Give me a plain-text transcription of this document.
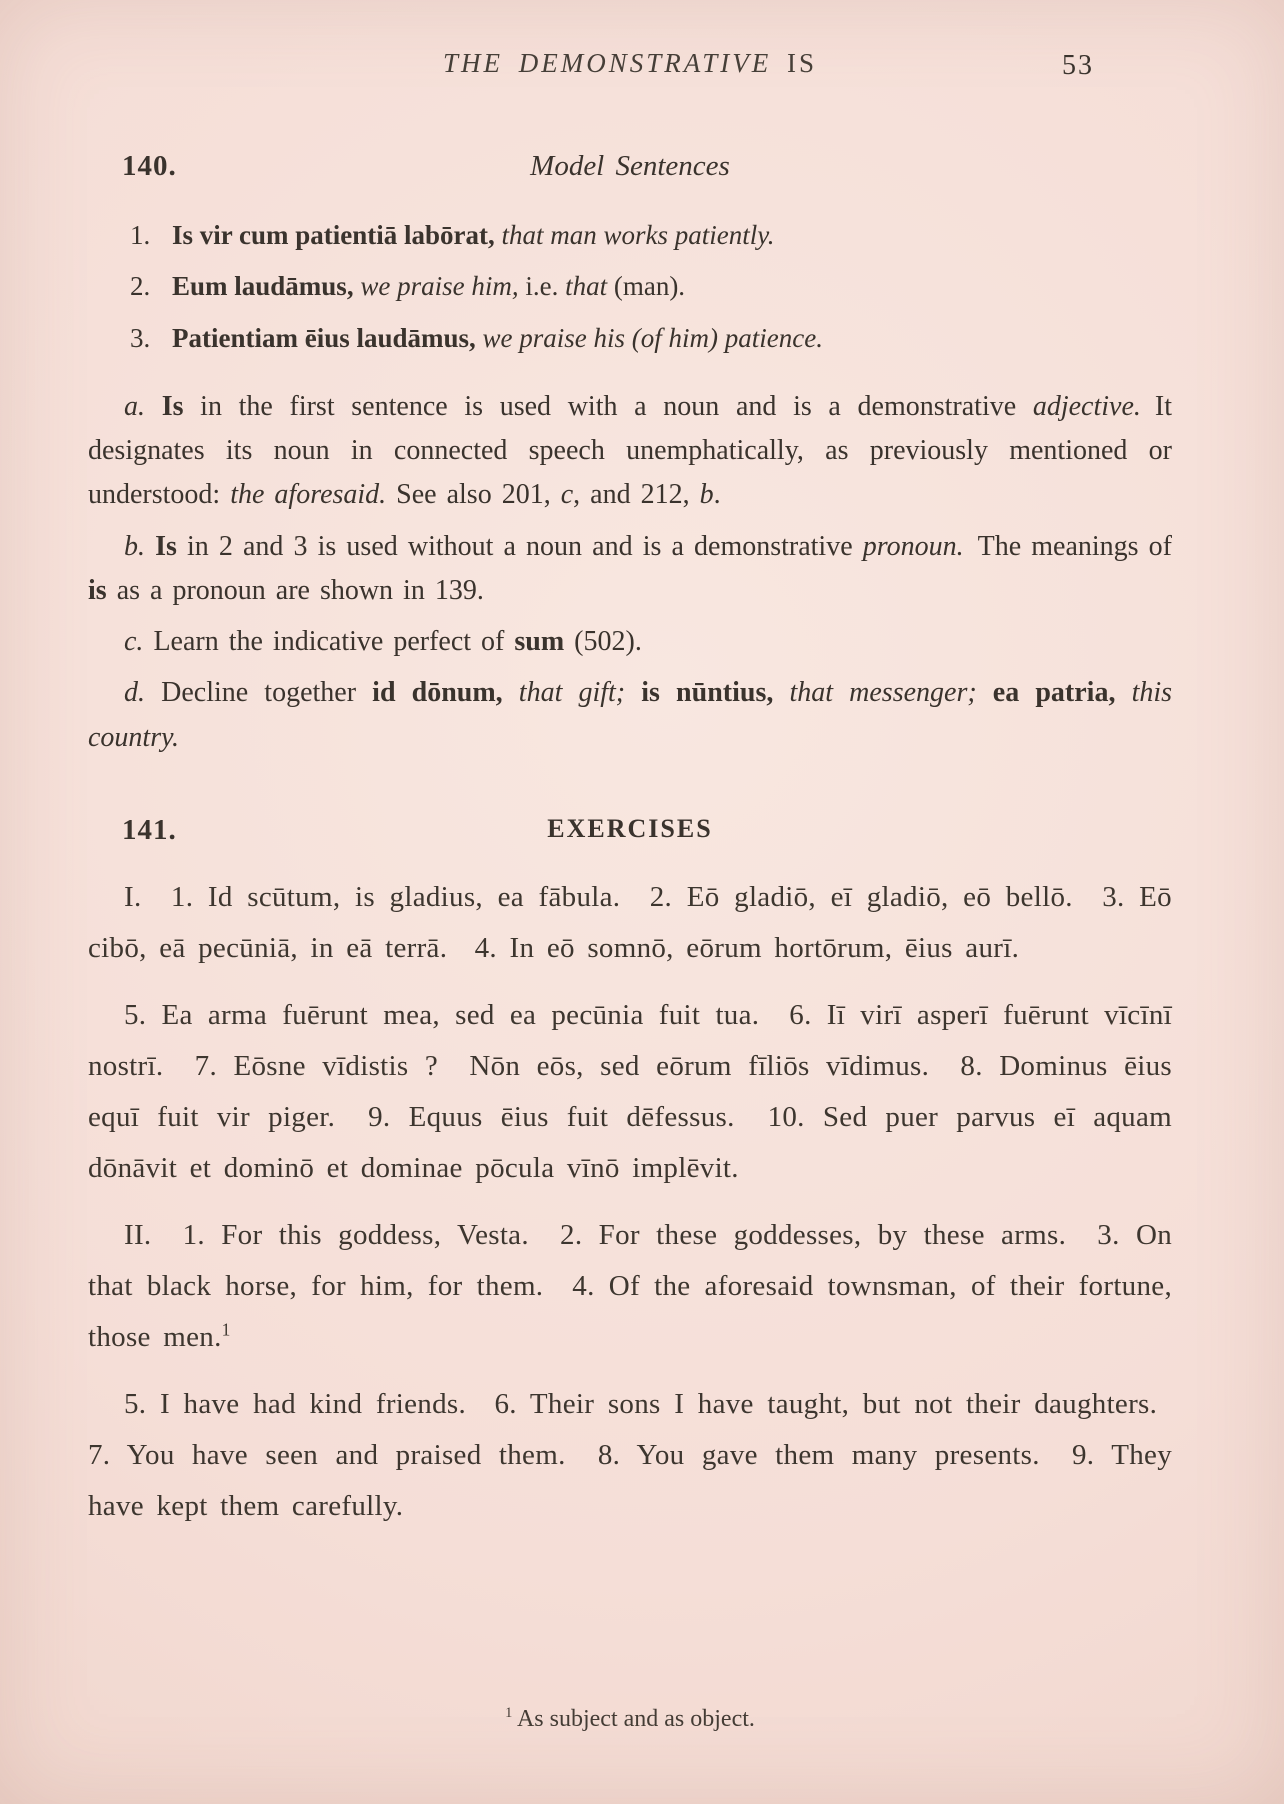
THE DEMONSTRATIVE IS	53
140.	Model Sentences
1. Is vir cum patientiā labōrat, that man works patiently.
2. Eum laudāmus, we praise him, i.e. that (man).
3. Patientiam ēius laudāmus, we praise his (of him) patience.

a. Is in the first sentence is used with a noun and is a demonstrative adjective. It designates its noun in connected speech unemphatically, as previously mentioned or understood: the aforesaid. See also 201, c, and 212, b.

b. Is in 2 and 3 is used without a noun and is a demonstrative pronoun. The meanings of is as a pronoun are shown in 139.

c. Learn the indicative perfect of sum (502).

d. Decline together id dōnum, that gift; is nūntius, that messenger; ea patria, this country.

141.	EXERCISES

I.  1. Id scūtum, is gladius, ea fābula.  2. Eō gladiō, eī gladiō, eō bellō.  3. Eō cibō, eā pecūniā, in eā terrā.  4. In eō somnō, eōrum hortōrum, ēius aurī.

5. Ea arma fuērunt mea, sed ea pecūnia fuit tua.  6. Iī virī asperī fuērunt vīcīnī nostrī.  7. Eōsne vīdistis ?  Nōn eōs, sed eōrum fīliōs vīdimus.  8. Dominus ēius equī fuit vir piger.  9. Equus ēius fuit dēfessus.  10. Sed puer parvus eī aquam dōnāvit et dominō et dominae pōcula vīnō implēvit.

II.  1. For this goddess, Vesta.  2. For these goddesses, by these arms.  3. On that black horse, for him, for them.  4. Of the aforesaid townsman, of their fortune, those men.$^1$

5. I have had kind friends.  6. Their sons I have taught, but not their daughters.  7. You have seen and praised them.  8. You gave them many presents.  9. They have kept them carefully.

$^1$ As subject and as object.
